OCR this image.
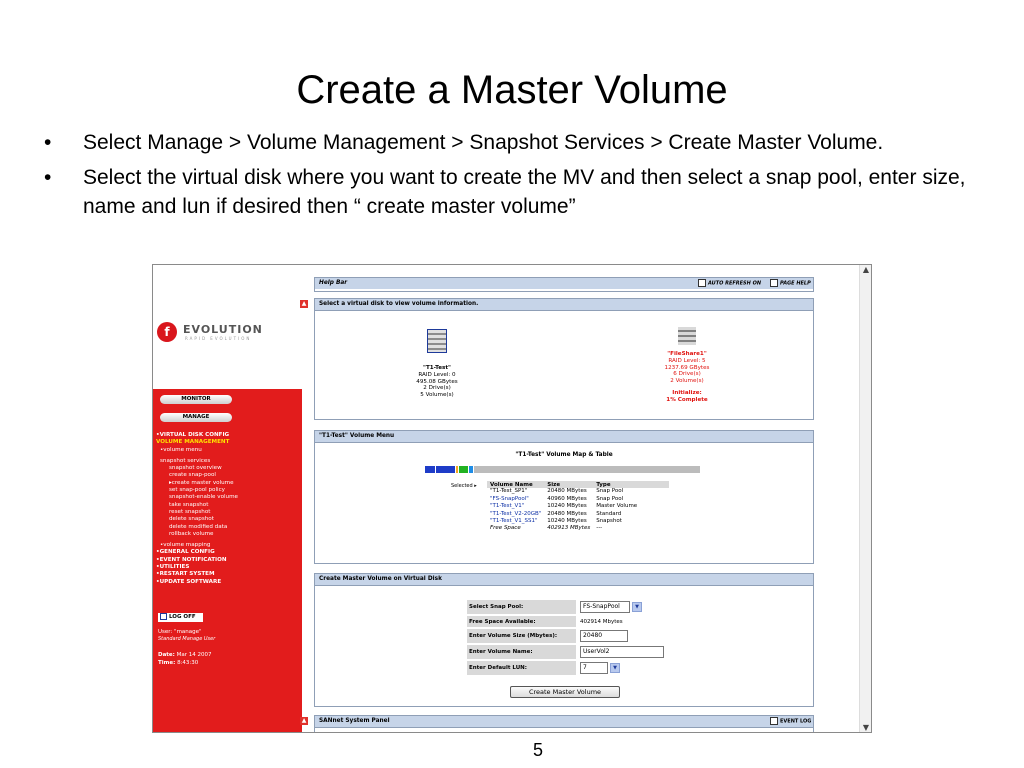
Create a Master Volume
• Select Manage > Volume Management > Snapshot Services > Create Master Volume.
• Select the virtual disk where you want to create the MV and then select a snap pool, enter size, name and lun if desired then “ create master volume”
f	EVOLUTION
RAPID EVOLUTION
MONITOR
MANAGE
•VIRTUAL DISK CONFIG
VOLUME MANAGEMENT
•volume menu
snapshot services
snapshot overview
create snap-pool
▸create master volume
set snap-pool policy
snapshot-enable volume
take snapshot
reset snapshot
delete snapshot
delete modified data
rollback volume
•volume mapping
•GENERAL CONFIG
•EVENT NOTIFICATION
•UTILITIES
•RESTART SYSTEM
•UPDATE SOFTWARE
LOG OFF
User: "manage"
Standard Manage User
Date: Mar 14 2007
Time: 8:43:30
Help Bar	AUTO REFRESH ON	PAGE HELP
▲	Select a virtual disk to view volume information.
"T1-Test"
RAID Level: 0
495.08 GBytes
2 Drive(s)
5 Volume(s)
"FileShare1"
RAID Level: 5
1237.69 GBytes
6 Drive(s)
2 Volume(s)
Initialize:
1% Complete
"T1-Test" Volume Menu
"T1-Test" Volume Map & Table
Selected ▸ Volume Name	Size	Type
"T1-Test_SP1"	20480 MBytes	Snap Pool
"FS-SnapPool"	40960 MBytes	Snap Pool
"T1-Test_V1"	10240 MBytes	Master Volume
"T1-Test_V2-20GB"	20480 MBytes	Standard
"T1-Test_V1_SS1"	10240 MBytes	Snapshot
Free Space	402913 MBytes	---
Create Master Volume on Virtual Disk
Select Snap Pool:	FS-SnapPool ▼
Free Space Available:	402914 Mbytes
Enter Volume Size (Mbytes):	20480
Enter Volume Name:	UserVol2
Enter Default LUN:	7 ▼
Create Master Volume
▲	SANnet System Panel	EVENT LOG
▲
▼
5
